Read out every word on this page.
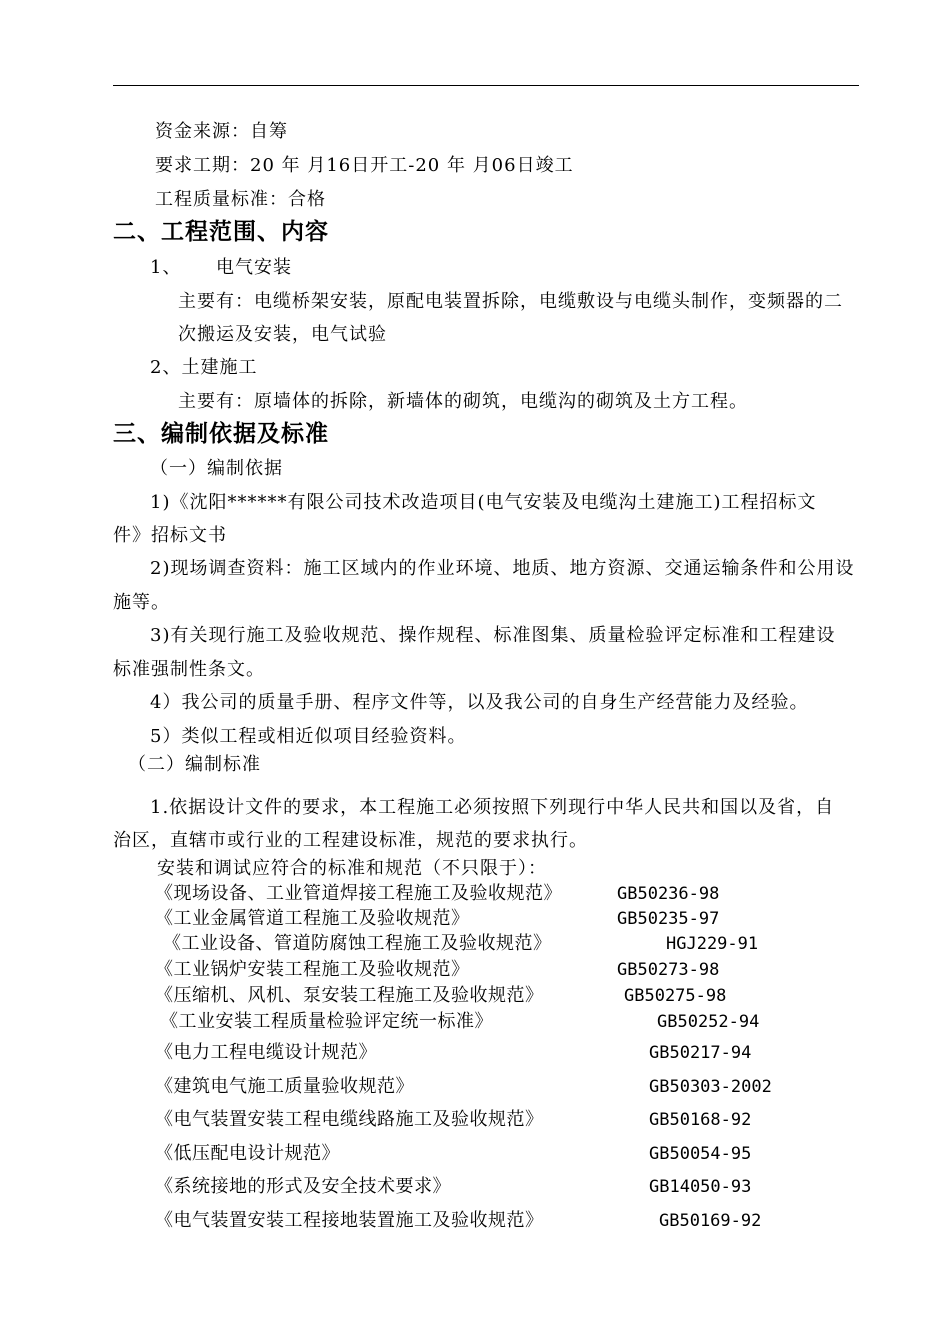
资金来源：自筹
要求工期：20 年 月16日开工-20 年 月06日竣工
工程质量标准：合格
二、工程范围、内容
1、 电气安装
主要有：电缆桥架安装，原配电装置拆除，电缆敷设与电缆头制作，变频器的二
次搬运及安装，电气试验
2、土建施工
主要有：原墙体的拆除，新墙体的砌筑，电缆沟的砌筑及土方工程。
三、编制依据及标准
（一）编制依据
1)《沈阳******有限公司技术改造项目(电气安装及电缆沟土建施工)工程招标文
件》招标文书
2)现场调查资料：施工区域内的作业环境、地质、地方资源、交通运输条件和公用设
施等。
3)有关现行施工及验收规范、操作规程、标准图集、质量检验评定标准和工程建设
标准强制性条文。
4）我公司的质量手册、程序文件等，以及我公司的自身生产经营能力及经验。
5）类似工程或相近似项目经验资料。
（二）编制标准
1.依据设计文件的要求，本工程施工必须按照下列现行中华人民共和国以及省，自
治区，直辖市或行业的工程建设标准，规范的要求执行。
安装和调试应符合的标准和规范（不只限于）：
《现场设备、工业管道焊接工程施工及验收规范》	GB50236-98
《工业金属管道工程施工及验收规范》	GB50235-97
《工业设备、管道防腐蚀工程施工及验收规范》	HGJ229-91
《工业锅炉安装工程施工及验收规范》	GB50273-98
《压缩机、风机、泵安装工程施工及验收规范》	GB50275-98
《工业安装工程质量检验评定统一标准》	GB50252-94
《电力工程电缆设计规范》	GB50217-94
《建筑电气施工质量验收规范》	GB50303-2002
《电气装置安装工程电缆线路施工及验收规范》	GB50168-92
《低压配电设计规范》	GB50054-95
《系统接地的形式及安全技术要求》	GB14050-93
《电气装置安装工程接地装置施工及验收规范》	GB50169-92
